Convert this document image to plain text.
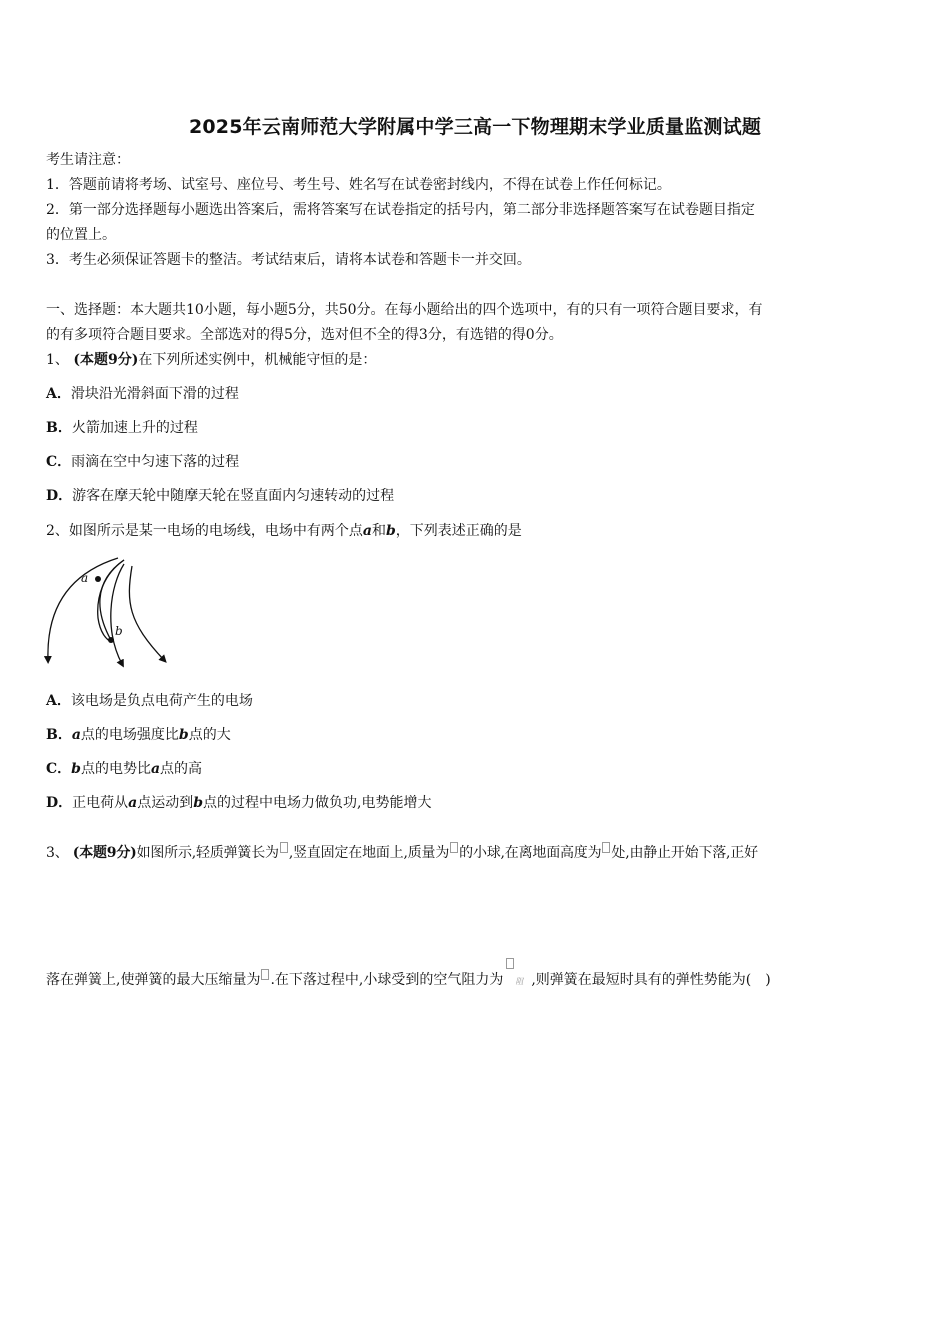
2025年云南师范大学附属中学三高一下物理期末学业质量监测试题
考生请注意：
1．答题前请将考场、试室号、座位号、考生号、姓名写在试卷密封线内，不得在试卷上作任何标记。
2．第一部分选择题每小题选出答案后，需将答案写在试卷指定的括号内，第二部分非选择题答案写在试卷题目指定
的位置上。
3．考生必须保证答题卡的整洁。考试结束后，请将本试卷和答题卡一并交回。
一、选择题：本大题共10小题，每小题5分，共50分。在每小题给出的四个选项中，有的只有一项符合题目要求，有
的有多项符合题目要求。全部选对的得5分，选对但不全的得3分，有选错的得0分。
1、 (本题9分)在下列所述实例中，机械能守恒的是：
A．滑块沿光滑斜面下滑的过程
B．火箭加速上升的过程
C．雨滴在空中匀速下落的过程
D．游客在摩天轮中随摩天轮在竖直面内匀速转动的过程
2、如图所示是某一电场的电场线，电场中有两个点a和b，下列表述正确的是
a
b
A．该电场是负点电荷产生的电场
B．a点的电场强度比b点的大
C．b点的电势比a点的高
D．正电荷从a点运动到b点的过程中电场力做负功,电势能增大
3、 (本题9分)如图所示,轻质弹簧长为 ,竖直固定在地面上,质量为 的小球,在离地面高度为 处,由静止开始下落,正好
落在弹簧上,使弹簧的最大压缩量为 .在下落过程中,小球受到的空气阻力为 阻 ,则弹簧在最短时具有的弹性势能为(　)
